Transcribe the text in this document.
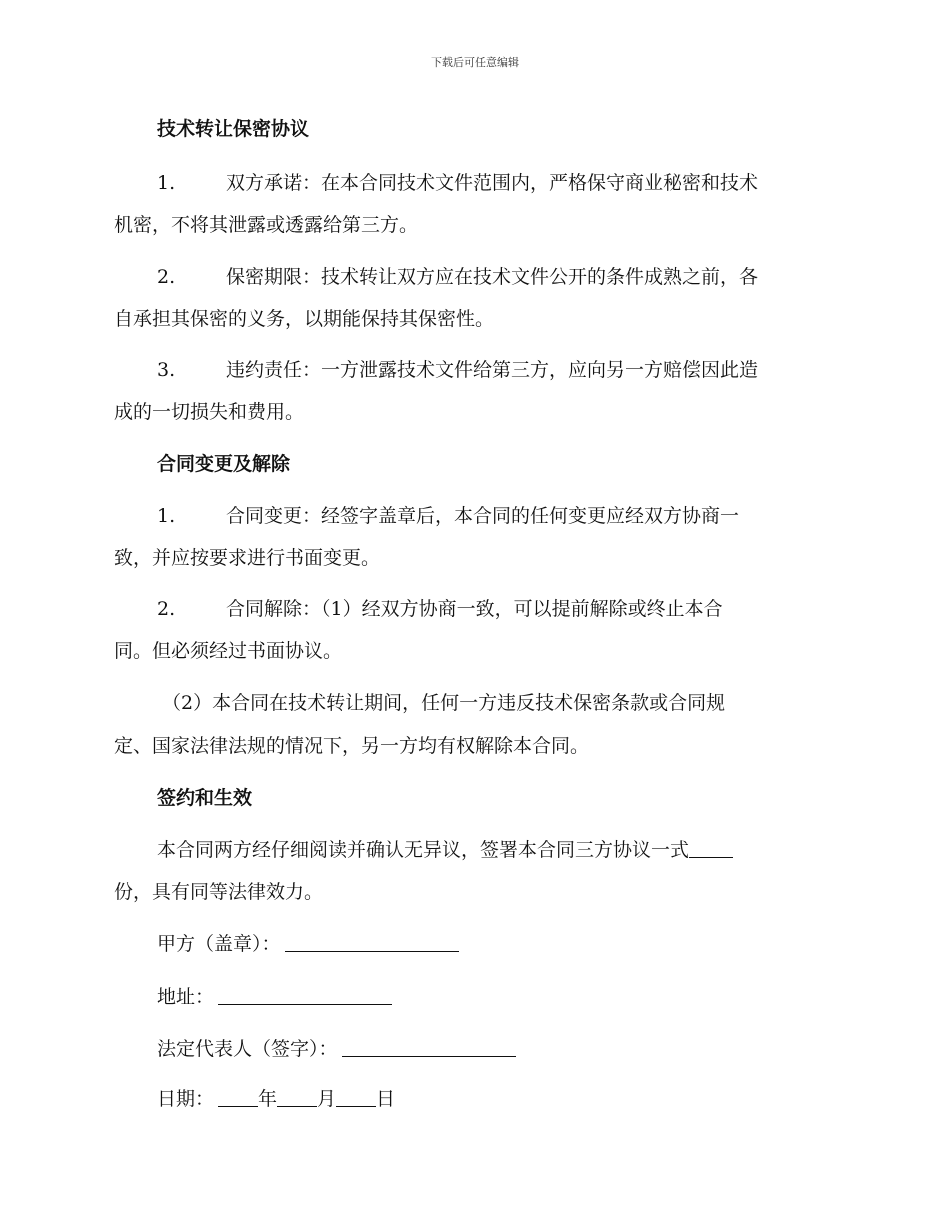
下载后可任意编辑
技术转让保密协议
1.	双方承诺：在本合同技术文件范围内，严格保守商业秘密和技术
机密，不将其泄露或透露给第三方。
2.	保密期限：技术转让双方应在技术文件公开的条件成熟之前，各
自承担其保密的义务，以期能保持其保密性。
3.	违约责任：一方泄露技术文件给第三方，应向另一方赔偿因此造
成的一切损失和费用。
合同变更及解除
1.	合同变更：经签字盖章后，本合同的任何变更应经双方协商一
致，并应按要求进行书面变更。
2.	合同解除：（1）经双方协商一致，可以提前解除或终止本合
同。但必须经过书面协议。
（2）本合同在技术转让期间，任何一方违反技术保密条款或合同规
定、国家法律法规的情况下，另一方均有权解除本合同。
签约和生效
本合同两方经仔细阅读并确认无异议，签署本合同三方协议一式
份，具有同等法律效力。
甲方（盖章）：
地址：
法定代表人（签字）：
日期： 年 月 日
